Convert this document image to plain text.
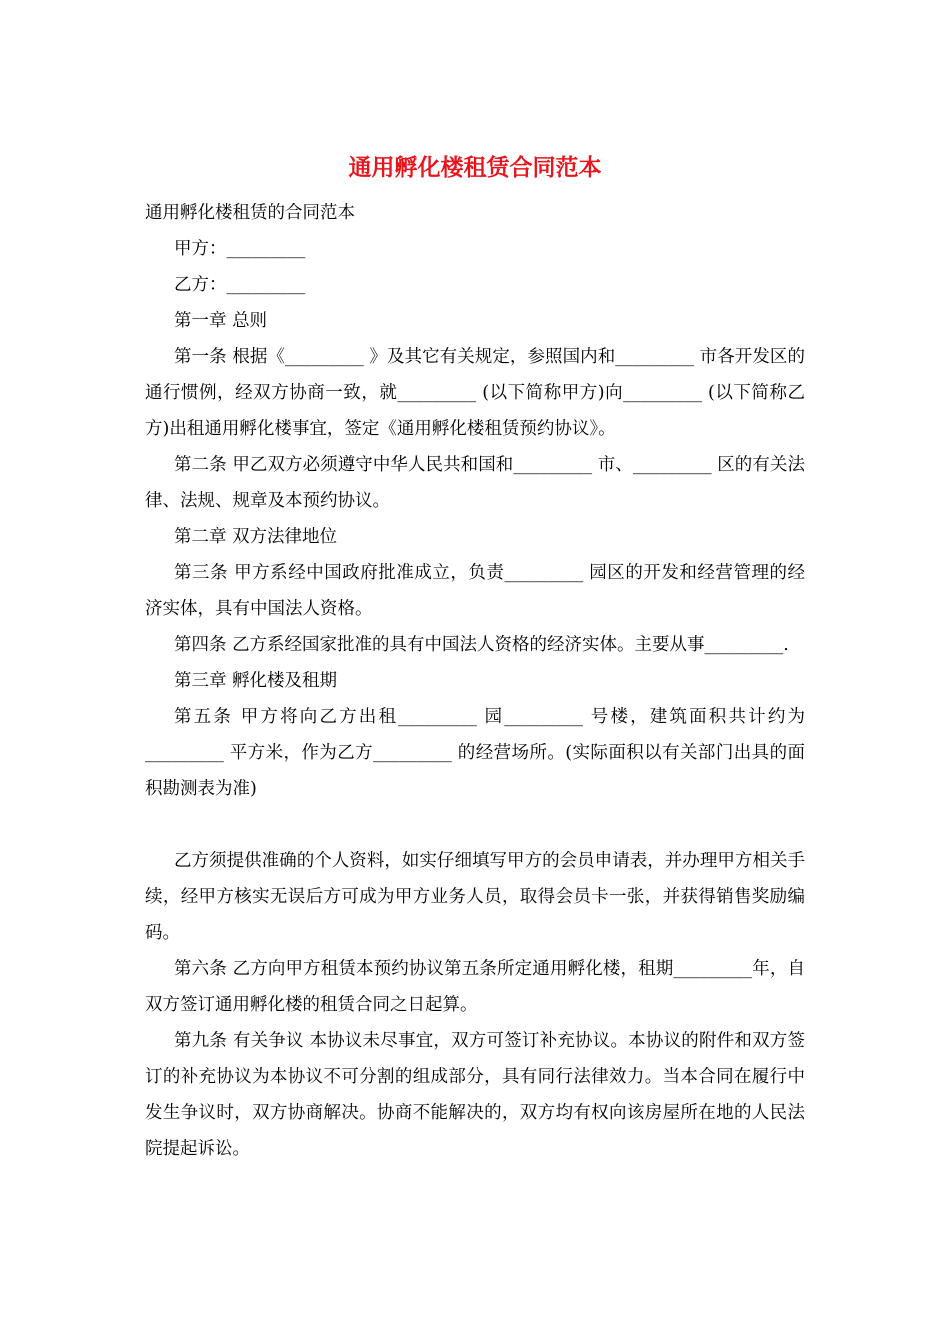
通用孵化楼租赁合同范本

通用孵化楼租赁的合同范本

甲方：_________

乙方：_________

第一章 总则

第一条 根据《_________ 》及其它有关规定，参照国内和_________ 市各开发区的通行惯例，经双方协商一致，就_________ (以下简称甲方)向_________ (以下简称乙方)出租通用孵化楼事宜，签定《通用孵化楼租赁预约协议》。

第二条 甲乙双方必须遵守中华人民共和国和_________ 市、_________ 区的有关法律、法规、规章及本预约协议。

第二章 双方法律地位

第三条 甲方系经中国政府批准成立，负责_________ 园区的开发和经营管理的经济实体，具有中国法人资格。

第四条 乙方系经国家批准的具有中国法人资格的经济实体。主要从事_________.

第三章 孵化楼及租期

第五条 甲方将向乙方出租_________ 园_________ 号楼，建筑面积共计约为_________ 平方米，作为乙方_________ 的经营场所。(实际面积以有关部门出具的面积勘测表为准)

乙方须提供准确的个人资料，如实仔细填写甲方的会员申请表，并办理甲方相关手续，经甲方核实无误后方可成为甲方业务人员，取得会员卡一张，并获得销售奖励编码。

第六条 乙方向甲方租赁本预约协议第五条所定通用孵化楼，租期_________年，自双方签订通用孵化楼的租赁合同之日起算。

第九条 有关争议 本协议未尽事宜，双方可签订补充协议。本协议的附件和双方签订的补充协议为本协议不可分割的组成部分，具有同行法律效力。当本合同在履行中发生争议时，双方协商解决。协商不能解决的，双方均有权向该房屋所在地的人民法院提起诉讼。
